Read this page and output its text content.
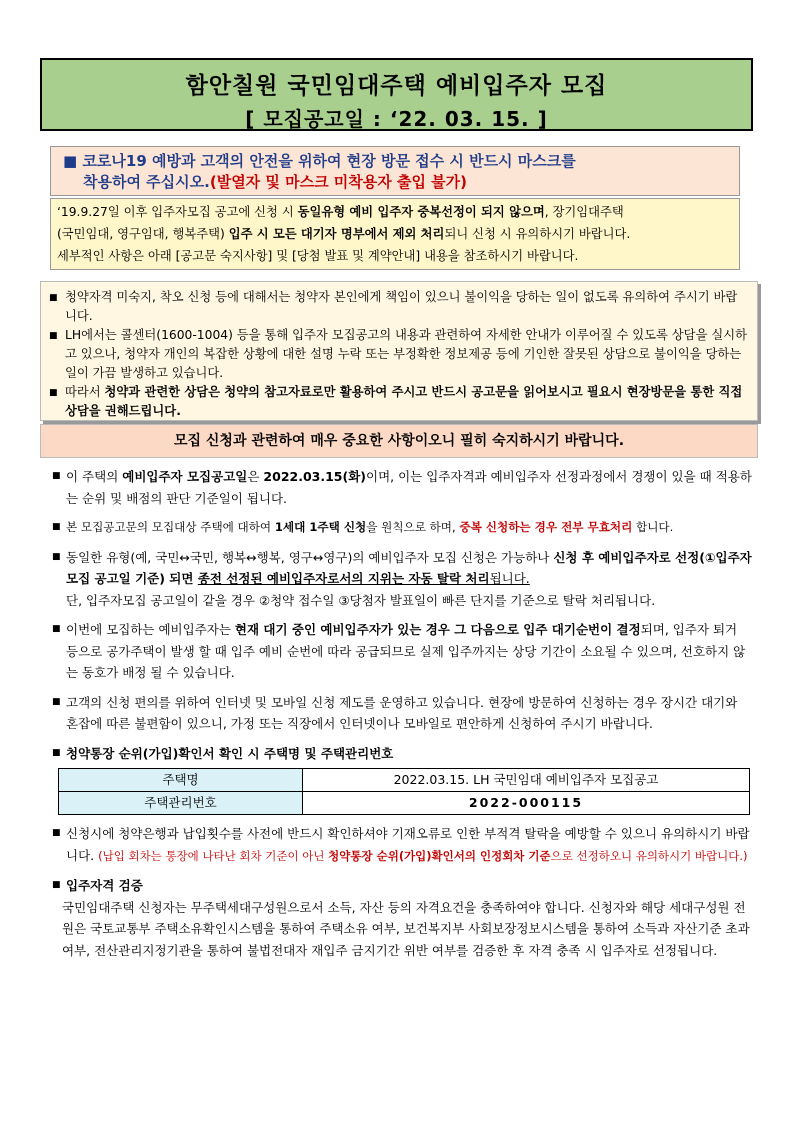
함안칠원 국민임대주택 예비입주자 모집
[ 모집공고일 : ‘22. 03. 15. ]
■ 코로나19 예방과 고객의 안전을 위하여 현장 방문 접수 시 반드시 마스크를
착용하여 주십시오.(발열자 및 마스크 미착용자 출입 불가)
‘19.9.27일 이후 입주자모집 공고에 신청 시 동일유형 예비 입주자 중복선정이 되지 않으며, 장기임대주택
(국민임대, 영구임대, 행복주택) 입주 시 모든 대기자 명부에서 제외 처리되니 신청 시 유의하시기 바랍니다.
세부적인 사항은 아래 [공고문 숙지사항] 및 [당첨 발표 및 계약안내] 내용을 참조하시기 바랍니다.
■ 청약자격 미숙지, 착오 신청 등에 대해서는 청약자 본인에게 책임이 있으니 불이익을 당하는 일이 없도록 유의하여 주시기 바랍니다.
■ LH에서는 콜센터(1600-1004) 등을 통해 입주자 모집공고의 내용과 관련하여 자세한 안내가 이루어질 수 있도록 상담을 실시하고 있으나, 청약자 개인의 복잡한 상황에 대한 설명 누락 또는 부정확한 정보제공 등에 기인한 잘못된 상담으로 불이익을 당하는 일이 가끔 발생하고 있습니다.
■ 따라서 청약과 관련한 상담은 청약의 참고자료로만 활용하여 주시고 반드시 공고문을 읽어보시고 필요시 현장방문을 통한 직접 상담을 권해드립니다.
모집 신청과 관련하여 매우 중요한 사항이오니 필히 숙지하시기 바랍니다.
■ 이 주택의 예비입주자 모집공고일은 2022.03.15(화)이며, 이는 입주자격과 예비입주자 선정과정에서 경쟁이 있을 때 적용하는 순위 및 배점의 판단 기준일이 됩니다.
■ 본 모집공고문의 모집대상 주택에 대하여 1세대 1주택 신청을 원칙으로 하며, 중복 신청하는 경우 전부 무효처리 합니다.
■ 동일한 유형(예, 국민↔국민, 행복↔행복, 영구↔영구)의 예비입주자 모집 신청은 가능하나 신청 후 예비입주자로 선정(①입주자모집 공고일 기준) 되면 종전 선정된 예비입주자로서의 지위는 자동 탈락 처리됩니다.
단, 입주자모집 공고일이 같을 경우 ②청약 접수일 ③당첨자 발표일이 빠른 단지를 기준으로 탈락 처리됩니다.
■ 이번에 모집하는 예비입주자는 현재 대기 중인 예비입주자가 있는 경우 그 다음으로 입주 대기순번이 결정되며, 입주자 퇴거 등으로 공가주택이 발생 할 때 입주 예비 순번에 따라 공급되므로 실제 입주까지는 상당 기간이 소요될 수 있으며, 선호하지 않는 동호가 배정 될 수 있습니다.
■ 고객의 신청 편의를 위하여 인터넷 및 모바일 신청 제도를 운영하고 있습니다. 현장에 방문하여 신청하는 경우 장시간 대기와 혼잡에 따른 불편함이 있으니, 가정 또는 직장에서 인터넷이나 모바일로 편안하게 신청하여 주시기 바랍니다.
■ 청약통장 순위(가입)확인서 확인 시 주택명 및 주택관리번호
주택명	2022.03.15. LH 국민임대 예비입주자 모집공고
주택관리번호	2022-000115
■ 신청시에 청약은행과 납입횟수를 사전에 반드시 확인하셔야 기재오류로 인한 부적격 탈락을 예방할 수 있으니 유의하시기 바랍니다. (납입 회차는 통장에 나타난 회차 기준이 아닌 청약통장 순위(가입)확인서의 인정회차 기준으로 선정하오니 유의하시기 바랍니다.)
■ 입주자격 검증
국민임대주택 신청자는 무주택세대구성원으로서 소득, 자산 등의 자격요건을 충족하여야 합니다. 신청자와 해당 세대구성원 전원은 국토교통부 주택소유확인시스템을 통하여 주택소유 여부, 보건복지부 사회보장정보시스템을 통하여 소득과 자산기준 초과여부, 전산관리지정기관을 통하여 불법전대자 재입주 금지기간 위반 여부를 검증한 후 자격 충족 시 입주자로 선정됩니다.
